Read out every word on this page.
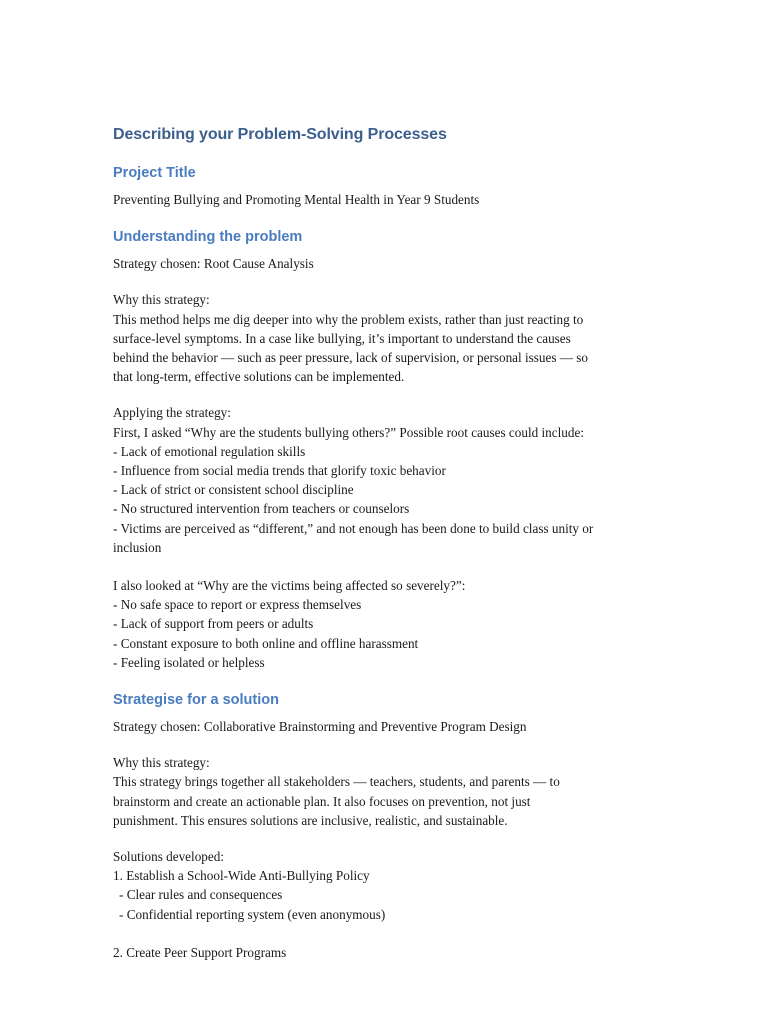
Describing your Problem-Solving Processes
Project Title

Preventing Bullying and Promoting Mental Health in Year 9 Students

Understanding the problem

Strategy chosen: Root Cause Analysis

Why this strategy:
This method helps me dig deeper into why the problem exists, rather than just reacting to
surface-level symptoms. In a case like bullying, it’s important to understand the causes
behind the behavior — such as peer pressure, lack of supervision, or personal issues — so
that long-term, effective solutions can be implemented.

Applying the strategy:
First, I asked “Why are the students bullying others?” Possible root causes could include:
- Lack of emotional regulation skills
- Influence from social media trends that glorify toxic behavior
- Lack of strict or consistent school discipline
- No structured intervention from teachers or counselors
- Victims are perceived as “different,” and not enough has been done to build class unity or
inclusion

I also looked at “Why are the victims being affected so severely?”:
- No safe space to report or express themselves
- Lack of support from peers or adults
- Constant exposure to both online and offline harassment
- Feeling isolated or helpless

Strategise for a solution

Strategy chosen: Collaborative Brainstorming and Preventive Program Design

Why this strategy:
This strategy brings together all stakeholders — teachers, students, and parents — to
brainstorm and create an actionable plan. It also focuses on prevention, not just
punishment. This ensures solutions are inclusive, realistic, and sustainable.

Solutions developed:
1. Establish a School-Wide Anti-Bullying Policy
- Clear rules and consequences
- Confidential reporting system (even anonymous)

2. Create Peer Support Programs
